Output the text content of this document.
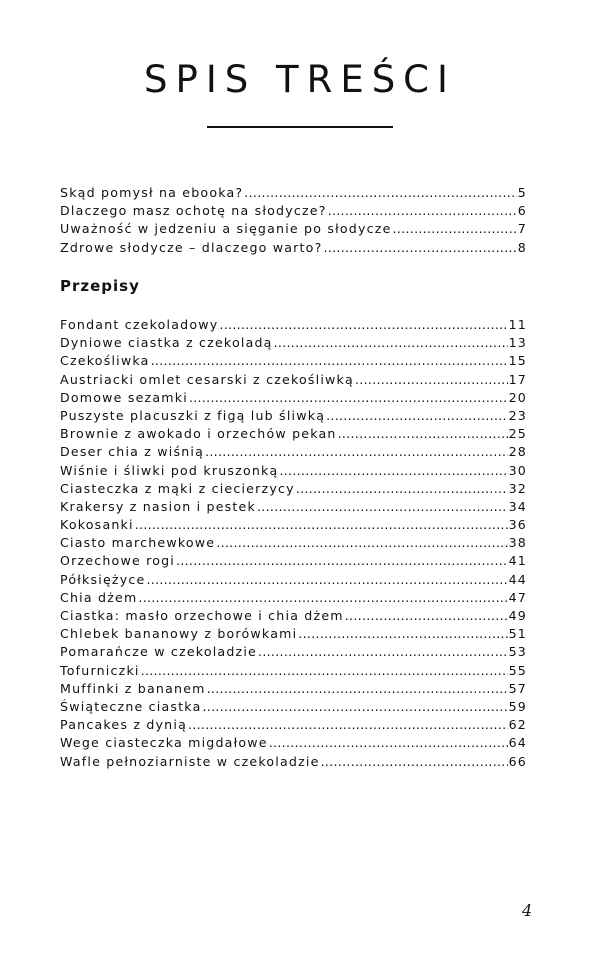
SPIS TREŚCI
Skąd pomysł na ebooka? .....	5
Dlaczego masz ochotę na słodycze? .....	6
Uważność w jedzeniu a sięganie po słodycze .....	7
Zdrowe słodycze – dlaczego warto? .....	8
Przepisy
Fondant czekoladowy .....	11
Dyniowe ciastka z czekoladą .....	13
Czekośliwka .....	15
Austriacki omlet cesarski z czekośliwką .....	17
Domowe sezamki .....	20
Puszyste placuszki z figą lub śliwką .....	23
Brownie z awokado i orzechów pekan .....	25
Deser chia z wiśnią .....	28
Wiśnie i śliwki pod kruszonką .....	30
Ciasteczka z mąki z ciecierzycy .....	32
Krakersy z nasion i pestek .....	34
Kokosanki .....	36
Ciasto marchewkowe .....	38
Orzechowe rogi .....	41
Półksiężyce .....	44
Chia dżem .....	47
Ciastka: masło orzechowe i chia dżem .....	49
Chlebek bananowy z borówkami .....	51
Pomarańcze w czekoladzie .....	53
Tofurniczki .....	55
Muffinki z bananem .....	57
Świąteczne ciastka .....	59
Pancakes z dynią .....	62
Wege ciasteczka migdałowe .....	64
Wafle pełnoziarniste w czekoladzie .....	66
4
